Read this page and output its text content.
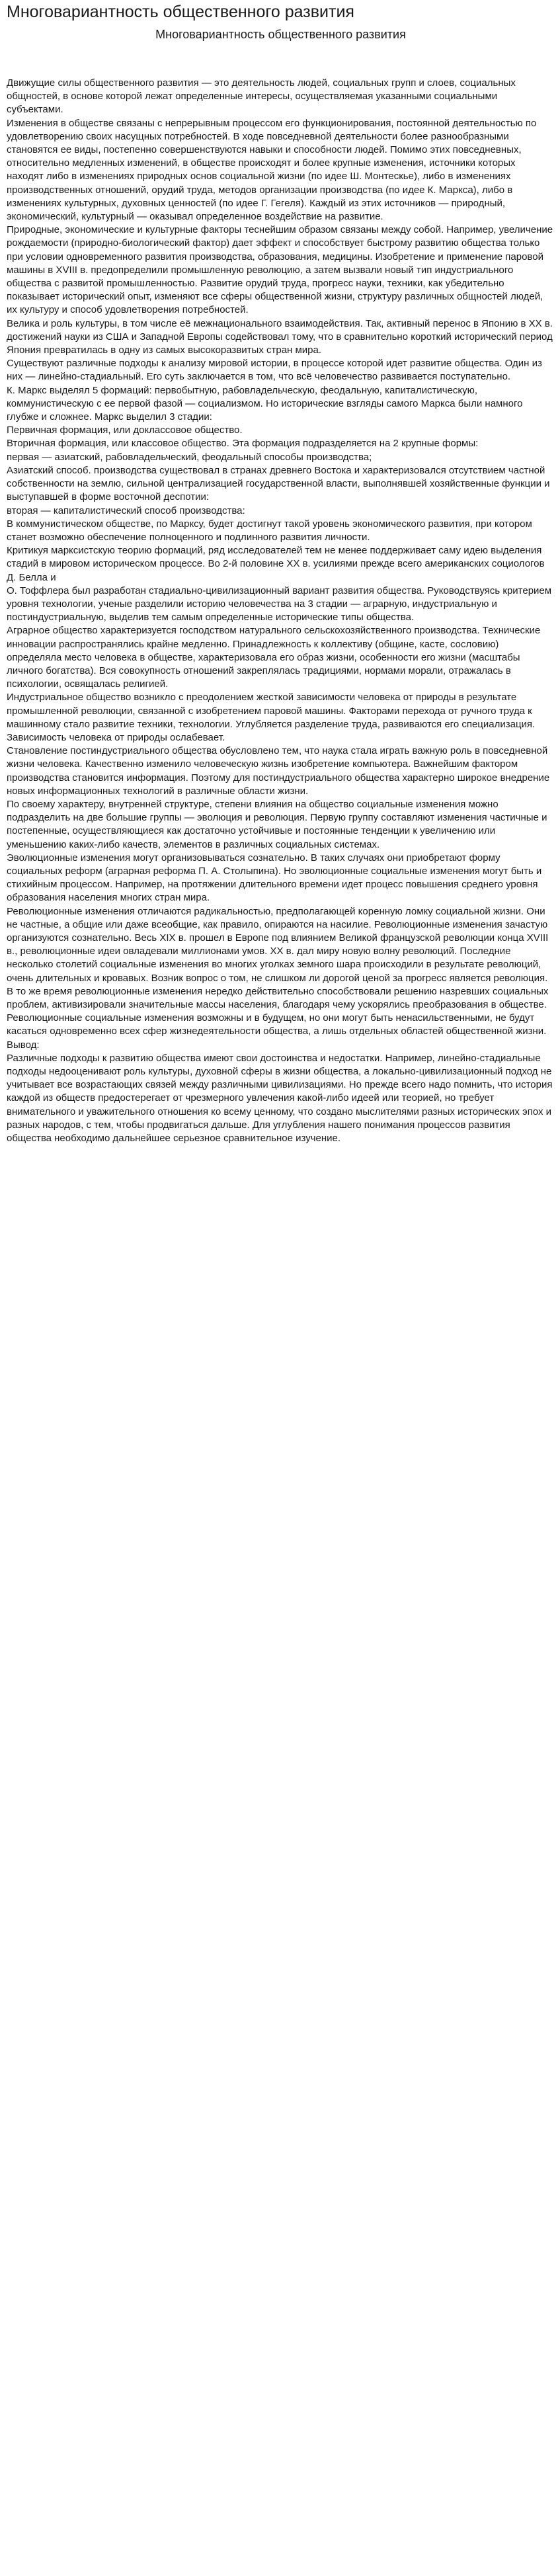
Многовариантность общественного развития
Многовариантность общественного развития

Движущие силы общественного развития — это деятельность людей, социальных групп и слоев, социальных общностей, в основе которой лежат определенные интересы, осуществляемая указанными социальными субъектами.

Изменения в обществе связаны с непрерывным процессом его функционирования, постоянной деятельностью по удовлетворению своих насущных потребностей. В ходе повседневной деятельности более разнообразными становятся ее виды, постепенно совершенствуются навыки и способности людей. Помимо этих повседневных, относительно медленных изменений, в обществе происходят и более крупные изменения, источники которых находят либо в изменениях природных основ социальной жизни (по идее Ш. Монтескье), либо в изменениях производственных отношений, орудий труда, методов организации производства (по идее К. Маркса), либо в изменениях культурных, духовных ценностей (по идее Г. Гегеля). Каждый из этих источников — природный, экономический, культурный — оказывал определенное воздействие на развитие.

Природные, экономические и культурные факторы теснейшим образом связаны между собой. Например, увеличение рождаемости (природно-биологический фактор) дает эффект и способствует быстрому развитию общества только при условии одновременного развития производства, образования, медицины. Изобретение и применение паровой машины в XVIII в. предопределили промышленную революцию, а затем вызвали новый тип индустриального общества с развитой промышленностью. Развитие орудий труда, прогресс науки, техники, как убедительно показывает исторический опыт, изменяют все сферы общественной жизни, структуру различных общностей людей, их культуру и способ удовлетворения потребностей.

Велика и роль культуры, в том числе её межнационального взаимодействия. Так, активный перенос в Японию в XX в. достижений науки из США и Западной Европы содействовал тому, что в сравнительно короткий исторический период Япония превратилась в одну из самых высокоразвитых стран мира.

Существуют различные подходы к анализу мировой истории, в процессе которой идет развитие общества. Один из них — линейно-стадиальный. Его суть заключается в том, что всё человечество развивается поступательно.

К. Маркс выделял 5 формаций: первобытную, рабовладельческую, феодальную, капиталистическую, коммунистическую с ее первой фазой — социализмом. Но исторические взгляды самого Маркса были намного глубже и сложнее. Маркс выделил 3 стадии:

Первичная формация, или доклассовое общество.

Вторичная формация, или классовое общество. Эта формация подразделяется на 2 крупные формы:

первая — азиатский, рабовладельческий, феодальный способы производства;

Азиатский способ. производства существовал в странах древнего Востока и характеризовался отсутствием частной собственности на землю, сильной централизацией государственной власти, выполнявшей хозяйственные функции и выступавшей в форме восточной деспотии:

вторая — капиталистический способ производства:

В коммунистическом обществе, по Марксу, будет достигнут такой уровень экономического развития, при котором станет возможно обеспечение полноценного и подлинного развития личности.

Критикуя марксистскую теорию формаций, ряд исследователей тем не менее поддерживает саму идею выделения стадий в мировом историческом процессе. Во 2-й половине XX в. усилиями прежде всего американских социологов Д. Белла и

О. Тоффлера был разработан стадиально-цивилизационный вариант развития общества. Руководствуясь критерием уровня технологии, ученые разделили историю человечества на 3 стадии — аграрную, индустриальную и постиндустриальную, выделив тем самым определенные исторические типы общества.

Аграрное общество характеризуется господством натурального сельскохозяйственного производства. Технические инновации распространялись крайне медленно. Принадлежность к коллективу (общине, касте, сословию) определяла место человека в обществе, характеризовала его образ жизни, особенности его жизни (масштабы личного богатства). Вся совокупность отношений закреплялась традициями, нормами морали, отражалась в психологии, освящалась религией.

Индустриальное общество возникло с преодолением жесткой зависимости человека от природы в результате промышленной революции, связанной с изобретением паровой машины. Факторами перехода от ручного труда к машинному стало развитие техники, технологии. Углубляется разделение труда, развиваются его специализация. Зависимость человека от природы ослабевает.

Становление постиндустриального общества обусловлено тем, что наука стала играть важную роль в повседневной жизни человека. Качественно изменило человеческую жизнь изобретение компьютера. Важнейшим фактором производства становится информация. Поэтому для постиндустриального общества характерно широкое внедрение новых информационных технологий в различные области жизни.

По своему характеру, внутренней структуре, степени влияния на общество социальные изменения можно подразделить на две большие группы — эволюция и революция. Первую группу составляют изменения частичные и постепенные, осуществляющиеся как достаточно устойчивые и постоянные тенденции к увеличению или уменьшению каких-либо качеств, элементов в различных социальных системах.

Эволюционные изменения могут организовываться сознательно. В таких случаях они приобретают форму социальных реформ (аграрная реформа П. А. Столыпина). Но эволюционные социальные изменения могут быть и стихийным процессом. Например, на протяжении длительного времени идет процесс повышения среднего уровня образования населения многих стран мира.

Революционные изменения отличаются радикальностью, предполагающей коренную ломку социальной жизни. Они не частные, а общие или даже всеобщие, как правило, опираются на насилие. Революционные изменения зачастую организуются сознательно. Весь XIX в. прошел в Европе под влиянием Великой французской революции конца XVIII в., революционные идеи овладевали миллионами умов. XX в. дал миру новую волну революций. Последние несколько столетий социальные изменения во многих уголках земного шара происходили в результате революций, очень длительных и кровавых. Возник вопрос о том, не слишком ли дорогой ценой за прогресс является революция. В то же время революционные изменения нередко действительно способствовали решению назревших социальных проблем, активизировали значительные массы населения, благодаря чему ускорялись преобразования в обществе.

Революционные социальные изменения возможны и в будущем, но они могут быть ненасильственными, не будут касаться одновременно всех сфер жизнедеятельности общества, а лишь отдельных областей общественной жизни.

Вывод:

Различные подходы к развитию общества имеют свои достоинства и недостатки. Например, линейно-стадиальные подходы недооценивают роль культуры, духовной сферы в жизни общества, а локально-цивилизационный подход не учитывает все возрастающих связей между различными цивилизациями. Но прежде всего надо помнить, что история каждой из обществ предостерегает от чрезмерного увлечения какой-либо идеей или теорией, но требует внимательного и уважительного отношения ко всему ценному, что создано мыслителями разных исторических эпох и разных народов, с тем, чтобы продвигаться дальше. Для углубления нашего понимания процессов развития общества необходимо дальнейшее серьезное сравнительное изучение.
